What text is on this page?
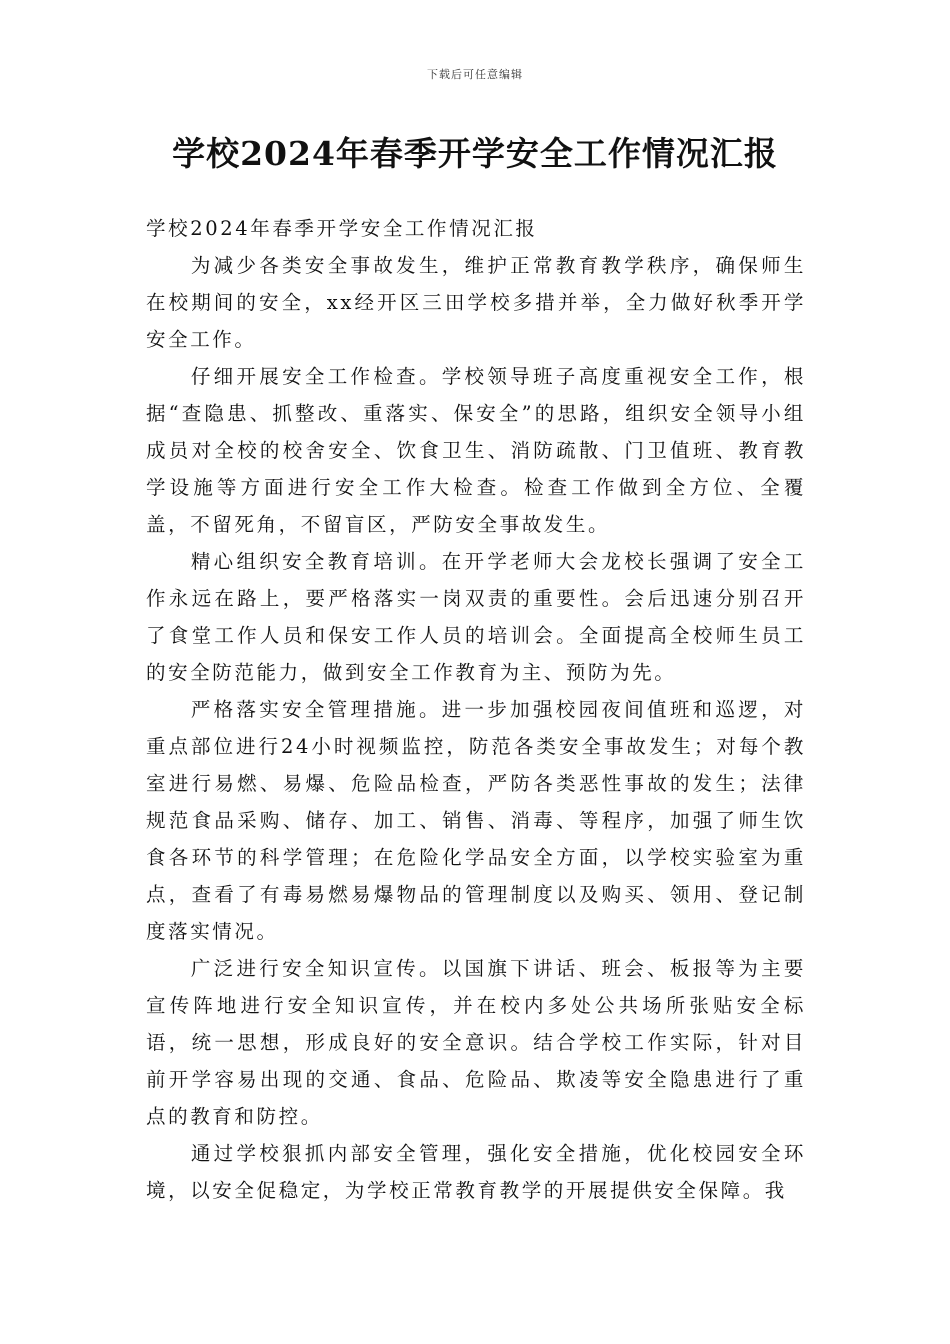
下载后可任意编辑
学校2024年春季开学安全工作情况汇报

学校2024年春季开学安全工作情况汇报

为减少各类安全事故发生，维护正常教育教学秩序，确保师生在校期间的安全，xx经开区三田学校多措并举，全力做好秋季开学安全工作。

仔细开展安全工作检查。学校领导班子高度重视安全工作，根据“查隐患、抓整改、重落实、保安全”的思路，组织安全领导小组成员对全校的校舍安全、饮食卫生、消防疏散、门卫值班、教育教学设施等方面进行安全工作大检查。检查工作做到全方位、全覆盖，不留死角，不留盲区，严防安全事故发生。

精心组织安全教育培训。在开学老师大会龙校长强调了安全工作永远在路上，要严格落实一岗双责的重要性。会后迅速分别召开了食堂工作人员和保安工作人员的培训会。全面提高全校师生员工的安全防范能力，做到安全工作教育为主、预防为先。

严格落实安全管理措施。进一步加强校园夜间值班和巡逻，对重点部位进行24小时视频监控，防范各类安全事故发生；对每个教室进行易燃、易爆、危险品检查，严防各类恶性事故的发生；法律规范食品采购、储存、加工、销售、消毒、等程序，加强了师生饮食各环节的科学管理；在危险化学品安全方面，以学校实验室为重点，查看了有毒易燃易爆物品的管理制度以及购买、领用、登记制度落实情况。

广泛进行安全知识宣传。以国旗下讲话、班会、板报等为主要宣传阵地进行安全知识宣传，并在校内多处公共场所张贴安全标语，统一思想，形成良好的安全意识。结合学校工作实际，针对目前开学容易出现的交通、食品、危险品、欺凌等安全隐患进行了重点的教育和防控。

通过学校狠抓内部安全管理，强化安全措施，优化校园安全环境，以安全促稳定，为学校正常教育教学的开展提供安全保障。我
